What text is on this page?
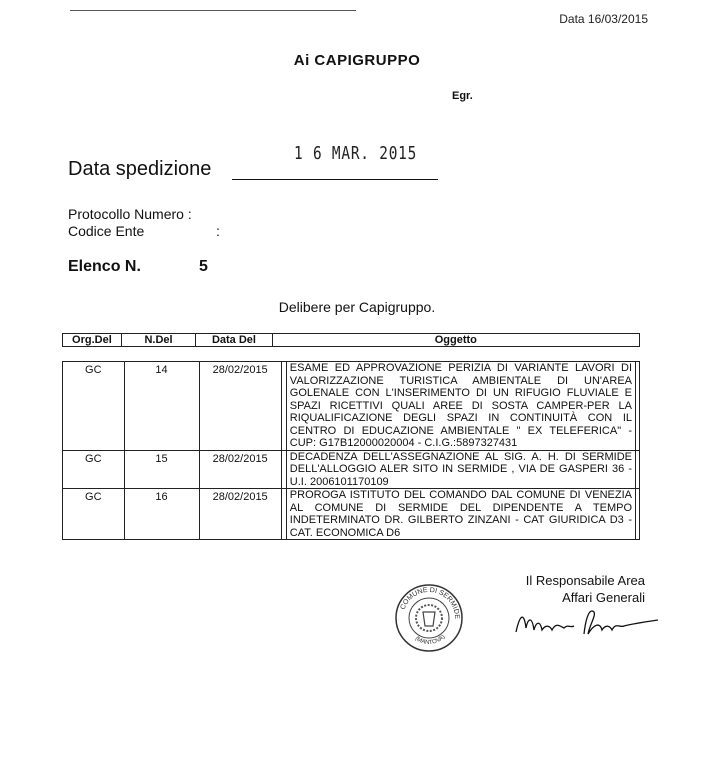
Data 16/03/2015
Ai CAPIGRUPPO
Egr.
1 6 MAR. 2015
Data spedizione
Protocollo Numero :
Codice Ente	:
Elenco N.	5
Delibere per Capigruppo.
Org.Del	N.Del	Data Del	Oggetto
GC	14	28/02/2015	ESAME ED APPROVAZIONE PERIZIA DI VARIANTE LAVORI DI VALORIZZAZIONE TURISTICA AMBIENTALE DI UN'AREA GOLENALE CON L'INSERIMENTO DI UN RIFUGIO FLUVIALE E SPAZI RICETTIVI QUALI AREE DI SOSTA CAMPER-PER LA RIQUALIFICAZIONE DEGLI SPAZI IN CONTINUITÀ CON IL CENTRO DI EDUCAZIONE AMBIENTALE " EX TELEFERICA" - CUP: G17B12000020004 - C.I.G.:5897327431

GC	15	28/02/2015	DECADENZA DELL'ASSEGNAZIONE AL SIG. A. H. DI SERMIDE DELL'ALLOGGIO ALER SITO IN SERMIDE , VIA DE GASPERI 36 - U.I. 2006101170109

GC	16	28/02/2015	PROROGA ISTITUTO DEL COMANDO DAL COMUNE DI VENEZIA AL COMUNE DI SERMIDE DEL DIPENDENTE A TEMPO INDETERMINATO DR. GILBERTO ZINZANI - CAT GIURIDICA D3 - CAT. ECONOMICA D6
Il Responsabile Area
Affari Generali
COMUNE DI SERMIDE
(MANTOVA)
